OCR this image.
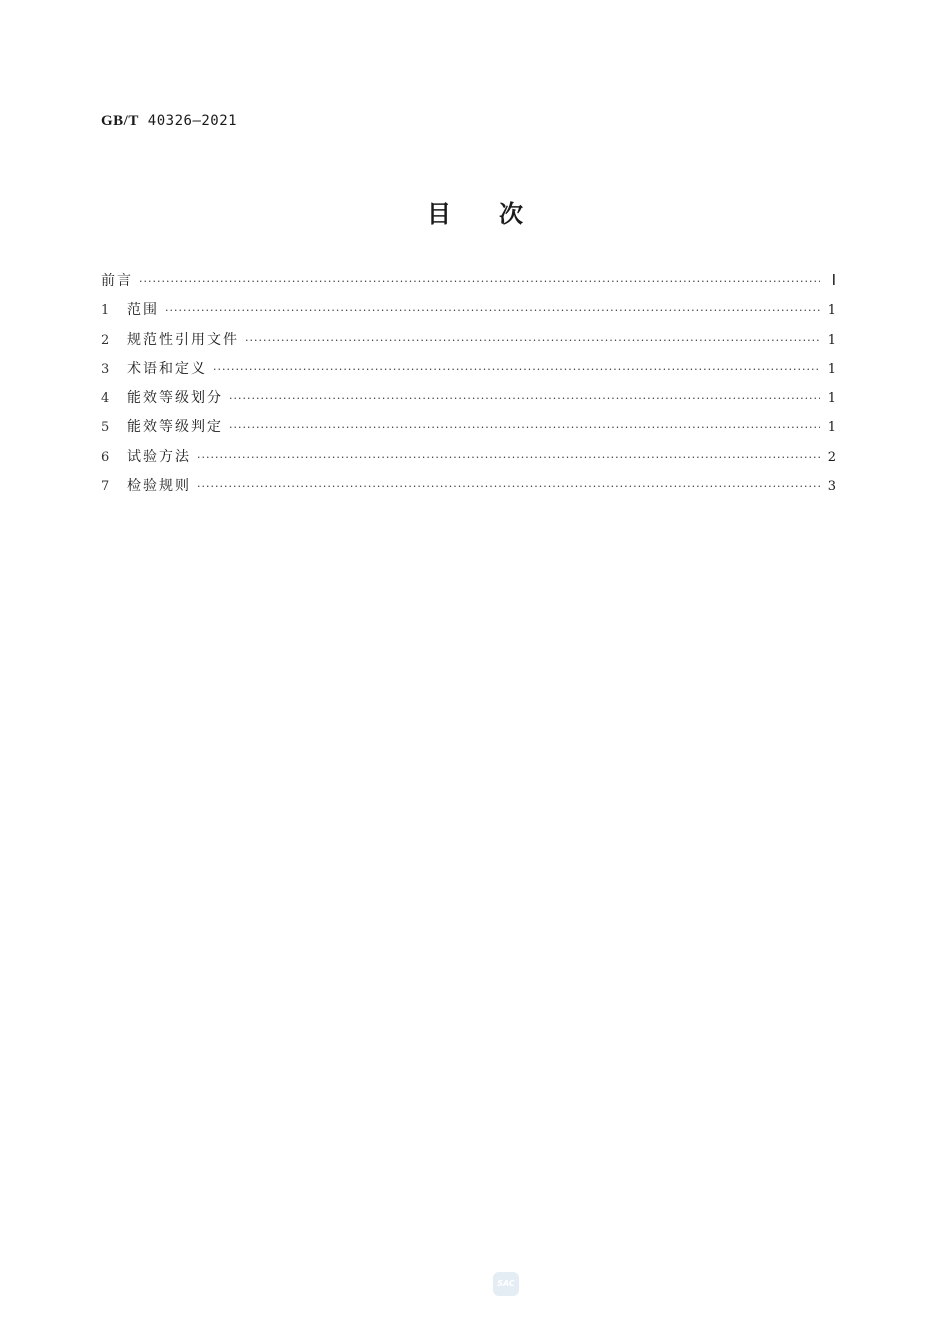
GB/T 40326—2021
目次
前言 ·····	Ⅰ
1	范围 ·····	1
2	规范性引用文件 ·····	1
3	术语和定义 ·····	1
4	能效等级划分 ·····	1
5	能效等级判定 ·····	1
6	试验方法 ·····	2
7	检验规则 ·····	3
SAC
